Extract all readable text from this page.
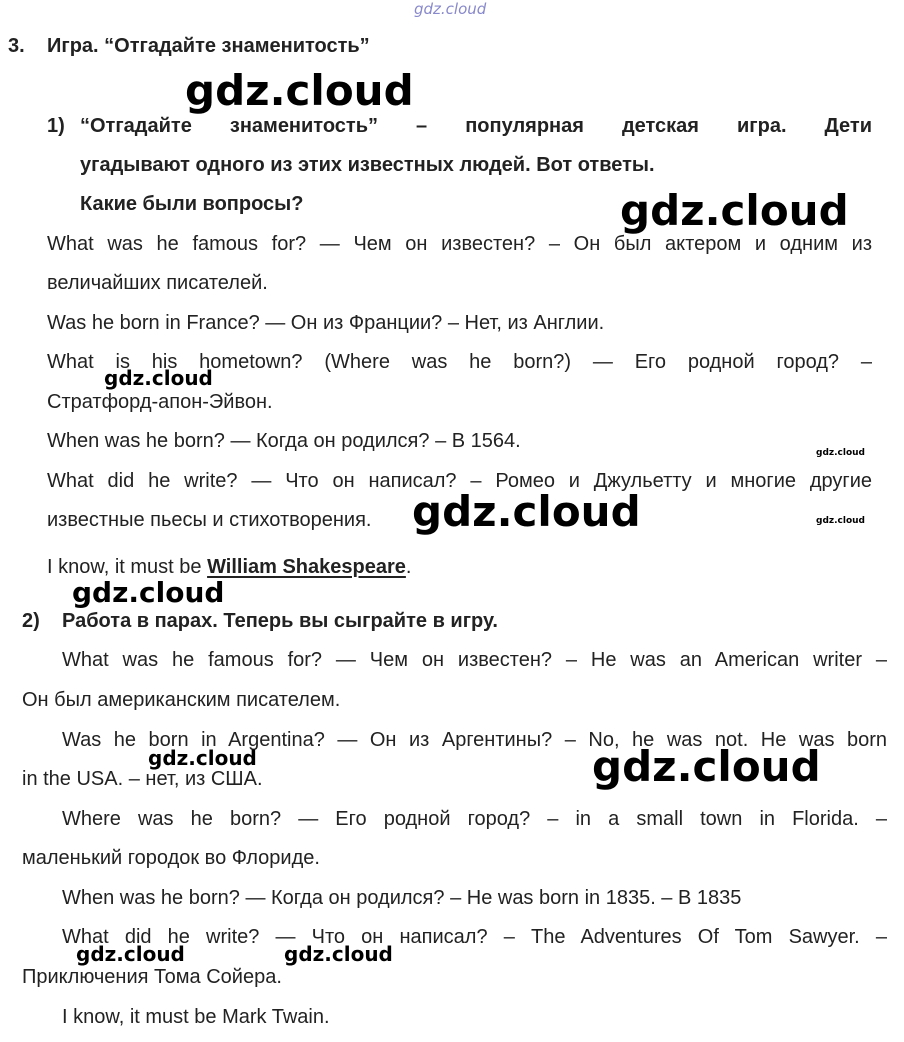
gdz.cloud
3. Игра. “Отгадайте знаменитость”
1) “Отгадайте знаменитость” – популярная детская игра. Дети
угадывают одного из этих известных людей. Вот ответы.
Какие были вопросы?
What was he famous for? — Чем он известен? – Он был актером и одним из
величайших писателей.
Was he born in France? — Он из Франции? – Нет, из Англии.
What is his hometown? (Where was he born?) — Его родной город? –
Стратфорд-апон-Эйвон.
When was he born? — Когда он родился? – В 1564.
What did he write? — Что он написал? – Ромео и Джульетту и многие другие
известные пьесы и стихотворения.
I know, it must be William Shakespeare.
2) Работа в парах. Теперь вы сыграйте в игру.
What was he famous for? — Чем он известен? – He was an American writer –
Он был американским писателем.
Was he born in Argentina? — Он из Аргентины? – No, he was not. He was born
in the USA. – нет, из США.
Where was he born? — Его родной город? – in a small town in Florida. –
маленький городок во Флориде.
When was he born? — Когда он родился? – He was born in 1835. – В 1835
What did he write? — Что он написал? – The Adventures Of Tom Sawyer. –
Приключения Тома Сойера.
I know, it must be Mark Twain.
gdz.cloud
gdz.cloud
gdz.cloud
gdz.cloud
gdz.cloud	gdz.cloud
gdz.cloud
gdz.cloud	gdz.cloud
gdz.cloud	gdz.cloud
